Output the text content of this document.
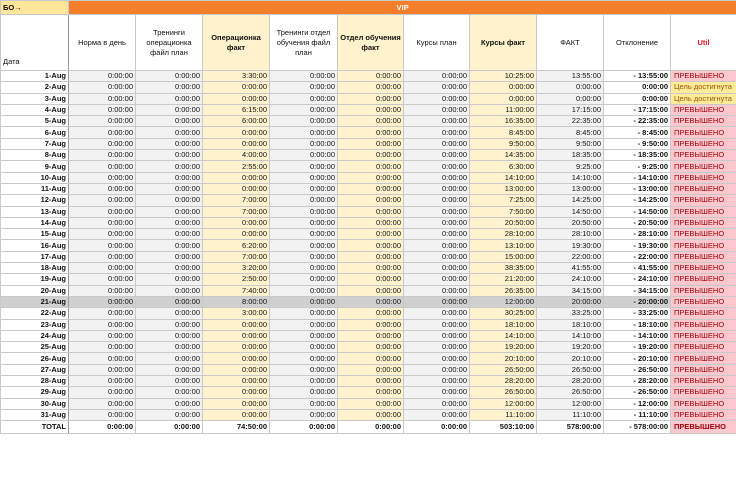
БО→	VIP									
Дата	Норма в день	Тренинги операционка файл план	Операционка факт	Тренинги отдел обучения файл план	Отдел обучения факт	Курсы план	Курсы факт	ФАКТ	Отклонение	Util
1-Aug	0:00:00	0:00:00	3:30:00	0:00:00	0:00:00	0:00:00	10:25:00	13:55:00	- 13:55:00	ПРЕВЫШЕНО
2-Aug	0:00:00	0:00:00	0:00:00	0:00:00	0:00:00	0:00:00	0:00:00	0:00:00	0:00:00	Цель достигнута
3-Aug	0:00:00	0:00:00	0:00:00	0:00:00	0:00:00	0:00:00	0:00:00	0:00:00	0:00:00	Цель достигнута
4-Aug	0:00:00	0:00:00	6:15:00	0:00:00	0:00:00	0:00:00	11:00:00	17:15:00	- 17:15:00	ПРЕВЫШЕНО
5-Aug	0:00:00	0:00:00	6:00:00	0:00:00	0:00:00	0:00:00	16:35:00	22:35:00	- 22:35:00	ПРЕВЫШЕНО
6-Aug	0:00:00	0:00:00	0:00:00	0:00:00	0:00:00	0:00:00	8:45:00	8:45:00	- 8:45:00	ПРЕВЫШЕНО
7-Aug	0:00:00	0:00:00	0:00:00	0:00:00	0:00:00	0:00:00	9:50:00	9:50:00	- 9:50:00	ПРЕВЫШЕНО
8-Aug	0:00:00	0:00:00	4:00:00	0:00:00	0:00:00	0:00:00	14:35:00	18:35:00	- 18:35:00	ПРЕВЫШЕНО
9-Aug	0:00:00	0:00:00	2:55:00	0:00:00	0:00:00	0:00:00	6:30:00	9:25:00	- 9:25:00	ПРЕВЫШЕНО
10-Aug	0:00:00	0:00:00	0:00:00	0:00:00	0:00:00	0:00:00	14:10:00	14:10:00	- 14:10:00	ПРЕВЫШЕНО
11-Aug	0:00:00	0:00:00	0:00:00	0:00:00	0:00:00	0:00:00	13:00:00	13:00:00	- 13:00:00	ПРЕВЫШЕНО
12-Aug	0:00:00	0:00:00	7:00:00	0:00:00	0:00:00	0:00:00	7:25:00	14:25:00	- 14:25:00	ПРЕВЫШЕНО
13-Aug	0:00:00	0:00:00	7:00:00	0:00:00	0:00:00	0:00:00	7:50:00	14:50:00	- 14:50:00	ПРЕВЫШЕНО
14-Aug	0:00:00	0:00:00	0:00:00	0:00:00	0:00:00	0:00:00	20:50:00	20:50:00	- 20:50:00	ПРЕВЫШЕНО
15-Aug	0:00:00	0:00:00	0:00:00	0:00:00	0:00:00	0:00:00	28:10:00	28:10:00	- 28:10:00	ПРЕВЫШЕНО
16-Aug	0:00:00	0:00:00	6:20:00	0:00:00	0:00:00	0:00:00	13:10:00	19:30:00	- 19:30:00	ПРЕВЫШЕНО
17-Aug	0:00:00	0:00:00	7:00:00	0:00:00	0:00:00	0:00:00	15:00:00	22:00:00	- 22:00:00	ПРЕВЫШЕНО
18-Aug	0:00:00	0:00:00	3:20:00	0:00:00	0:00:00	0:00:00	38:35:00	41:55:00	- 41:55:00	ПРЕВЫШЕНО
19-Aug	0:00:00	0:00:00	2:50:00	0:00:00	0:00:00	0:00:00	21:20:00	24:10:00	- 24:10:00	ПРЕВЫШЕНО
20-Aug	0:00:00	0:00:00	7:40:00	0:00:00	0:00:00	0:00:00	26:35:00	34:15:00	- 34:15:00	ПРЕВЫШЕНО
21-Aug	0:00:00	0:00:00	8:00:00	0:00:00	0:00:00	0:00:00	12:00:00	20:00:00	- 20:00:00	ПРЕВЫШЕНО
22-Aug	0:00:00	0:00:00	3:00:00	0:00:00	0:00:00	0:00:00	30:25:00	33:25:00	- 33:25:00	ПРЕВЫШЕНО
23-Aug	0:00:00	0:00:00	0:00:00	0:00:00	0:00:00	0:00:00	18:10:00	18:10:00	- 18:10:00	ПРЕВЫШЕНО
24-Aug	0:00:00	0:00:00	0:00:00	0:00:00	0:00:00	0:00:00	14:10:00	14:10:00	- 14:10:00	ПРЕВЫШЕНО
25-Aug	0:00:00	0:00:00	0:00:00	0:00:00	0:00:00	0:00:00	19:20:00	19:20:00	- 19:20:00	ПРЕВЫШЕНО
26-Aug	0:00:00	0:00:00	0:00:00	0:00:00	0:00:00	0:00:00	20:10:00	20:10:00	- 20:10:00	ПРЕВЫШЕНО
27-Aug	0:00:00	0:00:00	0:00:00	0:00:00	0:00:00	0:00:00	26:50:00	26:50:00	- 26:50:00	ПРЕВЫШЕНО
28-Aug	0:00:00	0:00:00	0:00:00	0:00:00	0:00:00	0:00:00	28:20:00	28:20:00	- 28:20:00	ПРЕВЫШЕНО
29-Aug	0:00:00	0:00:00	0:00:00	0:00:00	0:00:00	0:00:00	26:50:00	26:50:00	- 26:50:00	ПРЕВЫШЕНО
30-Aug	0:00:00	0:00:00	0:00:00	0:00:00	0:00:00	0:00:00	12:00:00	12:00:00	- 12:00:00	ПРЕВЫШЕНО
31-Aug	0:00:00	0:00:00	0:00:00	0:00:00	0:00:00	0:00:00	11:10:00	11:10:00	- 11:10:00	ПРЕВЫШЕНО
TOTAL	0:00:00	0:00:00	74:50:00	0:00:00	0:00:00	0:00:00	503:10:00	578:00:00	- 578:00:00	ПРЕВЫШЕНО
